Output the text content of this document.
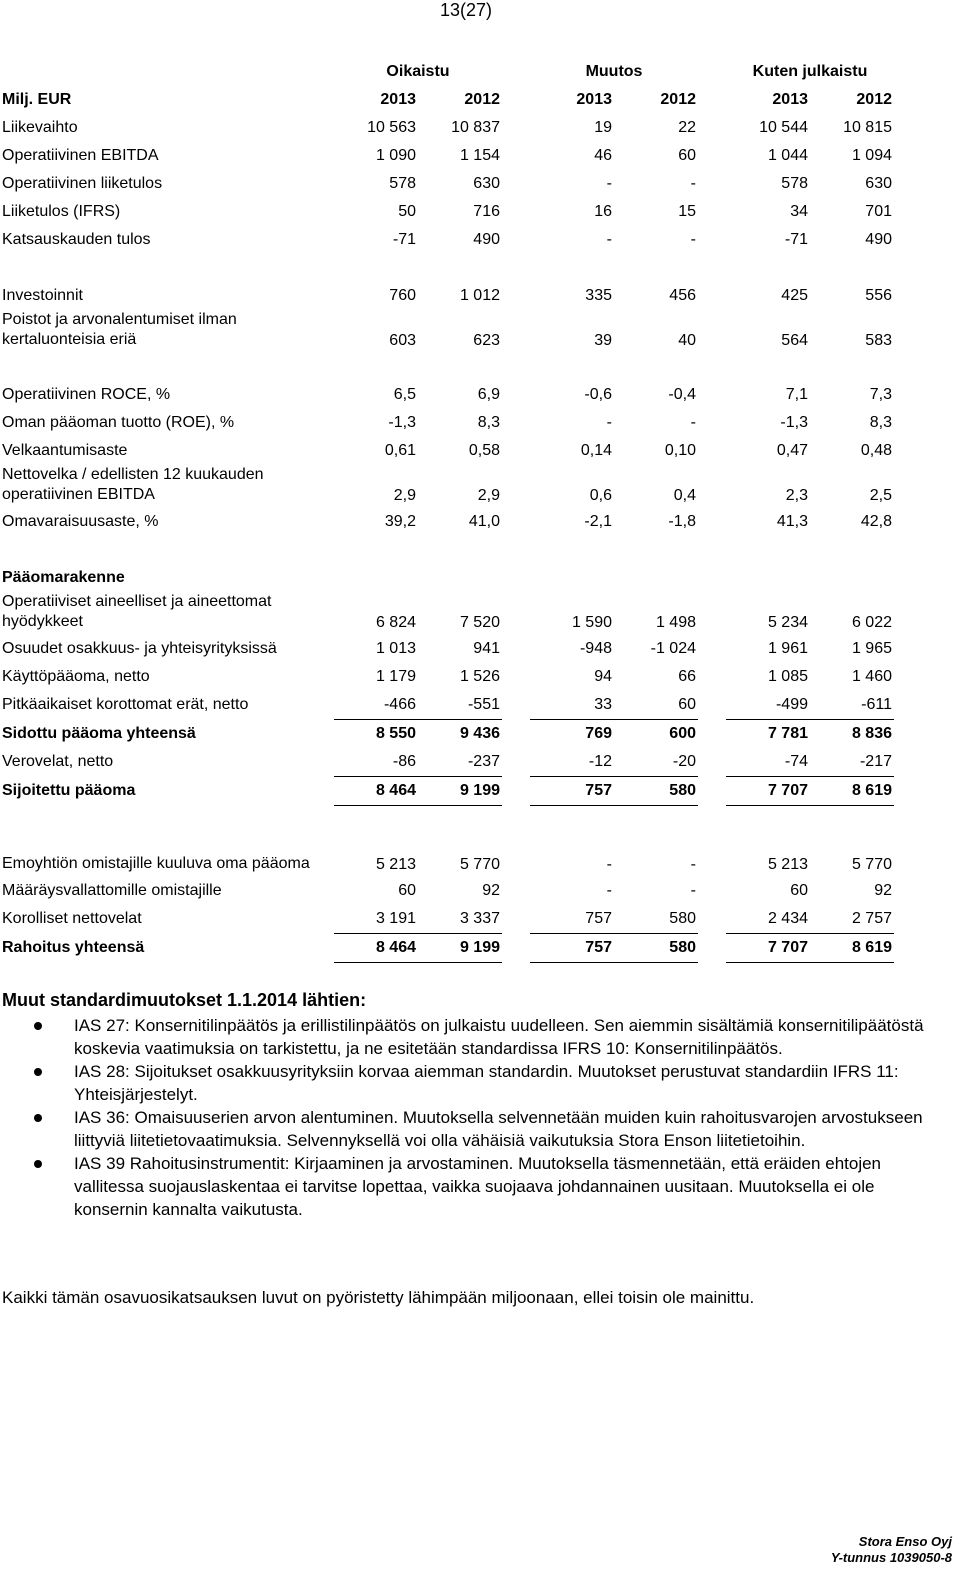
13(27)
	Oikaistu			Muutos			Kuten julkaistu	
Milj. EUR	2013	2012		2013	2012		2013	2012
Liikevaihto	10 563	10 837		19	22		10 544	10 815
Operatiivinen EBITDA	1 090	1 154		46	60		1 044	1 094
Operatiivinen liiketulos	578	630		-	-		578	630
Liiketulos (IFRS)	50	716		16	15		34	701
Katsauskauden tulos	-71	490		-	-		-71	490

Investoinnit	760	1 012		335	456		425	556
Poistot ja arvonalentumiset ilman kertaluonteisia eriä	603	623		39	40		564	583

Operatiivinen ROCE, %	6,5	6,9		-0,6	-0,4		7,1	7,3
Oman pääoman tuotto (ROE), %	-1,3	8,3		-	-		-1,3	8,3
Velkaantumisaste	0,61	0,58		0,14	0,10		0,47	0,48
Nettovelka / edellisten 12 kuukauden operatiivinen EBITDA	2,9	2,9		0,6	0,4		2,3	2,5
Omavaraisuusaste, %	39,2	41,0		-2,1	-1,8		41,3	42,8

Pääomarakenne								
Operatiiviset aineelliset ja aineettomat hyödykkeet	6 824	7 520		1 590	1 498		5 234	6 022
Osuudet osakkuus- ja yhteisyrityksissä	1 013	941		-948	-1 024		1 961	1 965
Käyttöpääoma, netto	1 179	1 526		94	66		1 085	1 460
Pitkäaikaiset korottomat erät, netto	-466	-551		33	60		-499	-611
Sidottu pääoma yhteensä	8 550	9 436		769	600		7 781	8 836
Verovelat, netto	-86	-237		-12	-20		-74	-217
Sijoitettu pääoma	8 464	9 199		757	580		7 707	8 619

Emoyhtiön omistajille kuuluva oma pääoma	5 213	5 770		-	-		5 213	5 770
Määräysvallattomille omistajille	60	92		-	-		60	92
Korolliset nettovelat	3 191	3 337		757	580		2 434	2 757
Rahoitus yhteensä	8 464	9 199		757	580		7 707	8 619
Muut standardimuutokset 1.1.2014 lähtien:
IAS 27: Konsernitilinpäätös ja erillistilinpäätös on julkaistu uudelleen. Sen aiemmin sisältämiä konsernitilipäätöstä koskevia vaatimuksia on tarkistettu, ja ne esitetään standardissa IFRS 10: Konsernitilinpäätös.
IAS 28: Sijoitukset osakkuusyrityksiin korvaa aiemman standardin. Muutokset perustuvat standardiin IFRS 11: Yhteisjärjestelyt.
IAS 36: Omaisuuserien arvon alentuminen. Muutoksella selvennetään muiden kuin rahoitusvarojen arvostukseen liittyviä liitetietovaatimuksia. Selvennyksellä voi olla vähäisiä vaikutuksia Stora Enson liitetietoihin.
IAS 39 Rahoitusinstrumentit: Kirjaaminen ja arvostaminen. Muutoksella täsmennetään, että eräiden ehtojen vallitessa suojauslaskentaa ei tarvitse lopettaa, vaikka suojaava johdannainen uusitaan. Muutoksella ei ole konsernin kannalta vaikutusta.
Kaikki tämän osavuosikatsauksen luvut on pyöristetty lähimpään miljoonaan, ellei toisin ole mainittu.
Stora Enso Oyj
Y-tunnus 1039050-8
